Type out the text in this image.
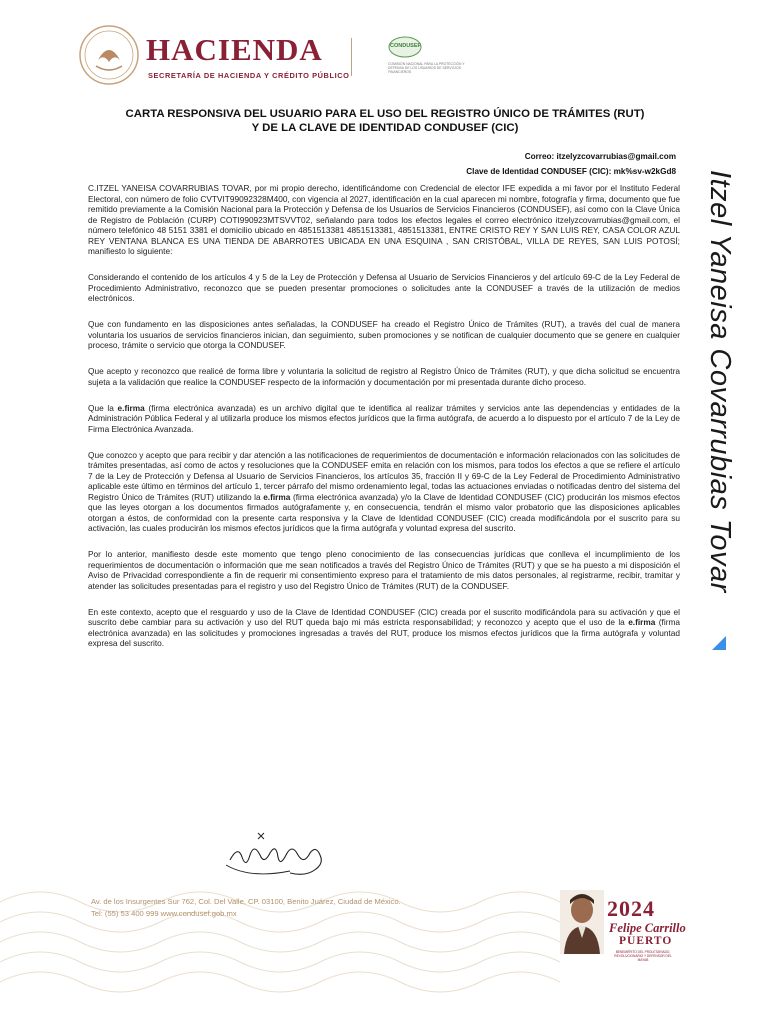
HACIENDA
SECRETARÍA DE HACIENDA Y CRÉDITO PÚBLICO
CONDUSEF
COMISIÓN NACIONAL PARA LA PROTECCIÓN Y DEFENSA DE LOS USUARIOS DE SERVICIOS FINANCIEROS
CARTA RESPONSIVA DEL USUARIO PARA EL USO DEL REGISTRO ÚNICO DE TRÁMITES (RUT)
Y DE LA CLAVE DE IDENTIDAD CONDUSEF (CIC)
Correo: itzelyzcovarrubias@gmail.com
Clave de Identidad CONDUSEF (CIC): mk%sv-w2kGd8

C.ITZEL YANEISA COVARRUBIAS TOVAR, por mi propio derecho, identificándome con Credencial de elector IFE expedida a mi favor por el Instituto Federal Electoral, con número de folio CVTVIT99092328M400, con vigencia al 2027, identificación en la cual aparecen mi nombre, fotografía y firma, documento que fue remitido previamente a la Comisión Nacional para la Protección y Defensa de los Usuarios de Servicios Financieros (CONDUSEF), así como con la Clave Única de Registro de Población (CURP) COTI990923MTSVVT02, señalando para todos los efectos legales el correo electrónico itzelyzcovarrubias@gmail.com, el número telefónico 48 5151 3381 el domicilio ubicado en 4851513381 4851513381, 4851513381, ENTRE CRISTO REY Y SAN LUIS REY, CASA COLOR AZUL REY VENTANA BLANCA ES UNA TIENDA DE ABARROTES UBICADA EN UNA ESQUINA , SAN CRISTÓBAL, VILLA DE REYES, SAN LUIS POTOSÍ; manifiesto lo siguiente:

Considerando el contenido de los artículos 4 y 5 de la Ley de Protección y Defensa al Usuario de Servicios Financieros y del artículo 69-C de la Ley Federal de Procedimiento Administrativo, reconozco que se pueden presentar promociones o solicitudes ante la CONDUSEF a través de la utilización de medios electrónicos.

Que con fundamento en las disposiciones antes señaladas, la CONDUSEF ha creado el Registro Único de Trámites (RUT), a través del cual de manera voluntaria los usuarios de servicios financieros inician, dan seguimiento, suben promociones y se notifican de cualquier documento que se genere en cualquier proceso, trámite o servicio que otorga la CONDUSEF.

Que acepto y reconozco que realicé de forma libre y voluntaria la solicitud de registro al Registro Único de Trámites (RUT), y que dicha solicitud se encuentra sujeta a la validación que realice la CONDUSEF respecto de la información y documentación por mi presentada durante dicho proceso.

Que la e.firma (firma electrónica avanzada) es un archivo digital que te identifica al realizar trámites y servicios ante las dependencias y entidades de la Administración Pública Federal y al utilizarla produce los mismos efectos jurídicos que la firma autógrafa, de acuerdo a lo dispuesto por el artículo 7 de la Ley de Firma Electrónica Avanzada.

Que conozco y acepto que para recibir y dar atención a las notificaciones de requerimientos de documentación e información relacionados con las solicitudes de trámites presentadas, así como de actos y resoluciones que la CONDUSEF emita en relación con los mismos, para todos los efectos a que se refiere el artículo 7 de la Ley de Protección y Defensa al Usuario de Servicios Financieros, los artículos 35, fracción II y 69-C de la Ley Federal de Procedimiento Administrativo aplicable este último en términos del artículo 1, tercer párrafo del mismo ordenamiento legal, todas las actuaciones enviadas o notificadas dentro del sistema del Registro Único de Trámites (RUT) utilizando la e.firma (firma electrónica avanzada) y/o la Clave de Identidad CONDUSEF (CIC) producirán los mismos efectos que las leyes otorgan a los documentos firmados autógrafamente y, en consecuencia, tendrán el mismo valor probatorio que las disposiciones aplicables otorgan a éstos, de conformidad con la presente carta responsiva y la Clave de Identidad CONDUSEF (CIC) creada modificándola por el suscrito para su activación, las cuales producirán los mismos efectos jurídicos que la firma autógrafa y voluntad expresa del suscrito.

Por lo anterior, manifiesto desde este momento que tengo pleno conocimiento de las consecuencias jurídicas que conlleva el incumplimiento de los requerimientos de documentación o información que me sean notificados a través del Registro Único de Trámites (RUT) y que se ha puesto a mi disposición el Aviso de Privacidad correspondiente a fin de requerir mi consentimiento expreso para el tratamiento de mis datos personales, al registrarme, recibir, tramitar y atender las solicitudes presentadas para el registro y uso del Registro Único de Trámites (RUT) de la CONDUSEF.

En este contexto, acepto que el resguardo y uso de la Clave de Identidad CONDUSEF (CIC) creada por el suscrito modificándola para su activación y que el suscrito debe cambiar para su activación y uso del RUT queda bajo mi más estricta responsabilidad; y reconozco y acepto que el uso de la e.firma (firma electrónica avanzada) en las solicitudes y promociones ingresadas a través del RUT, produce los mismos efectos jurídicos que la firma autógrafa y voluntad expresa del suscrito.

Itzel Yaneisa Covarrubias Tovar
Av. de los Insurgentes Sur 762, Col. Del Valle, CP. 03100, Benito Juárez, Ciudad de México.
Tel: (55) 53 400 999 www.condusef.gob.mx	2024
Felipe Carrillo
PUERTO
BENEMÉRITO DEL PROLETARIADO, REVOLUCIONARIO Y DEFENSOR DEL MAYAB
